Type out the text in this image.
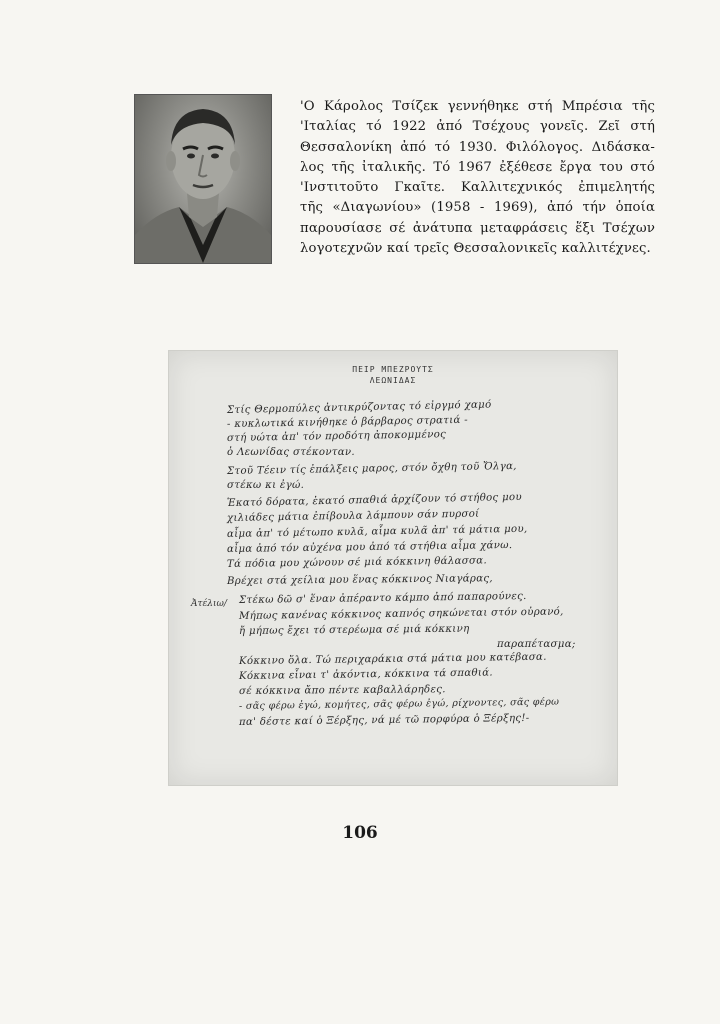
'Ο Κάρολος Τσίζεκ γεννήθηκε στή Μπρέσια τῆς
'Ιταλίας τό 1922 ἀπό Τσέχους γονεῖς. Ζεῖ στή
Θεσσαλονίκη ἀπό τό 1930. Φιλόλογος. Διδάσκα-
λος τῆς ἰταλικῆς. Τό 1967 ἐξέθεσε ἔργα του στό
'Ινστιτοῦτο Γκαῖτε. Καλλιτεχνικός ἐπιμελητής
τῆς «Διαγωνίου» (1958 - 1969), ἀπό τήν ὁποία
παρουσίασε σέ ἀνάτυπα μεταφράσεις ἕξι Τσέχων
λογοτεχνῶν καί τρεῖς Θεσσαλονικεῖς καλλιτέχνες.
ΠΕΙΡ ΜΠΕΖΡΟΥΤΣ
ΛΕΩΝΙΔΑΣ
Ἀτέλιω/
Στίς Θερμοπύλες ἀντικρύζοντας τό εἰργμό χαμό
- κυκλωτικά κινήθηκε ὁ βάρβαρος στρατιά -
στή υώτα ἀπ' τόν προδότη ἀποκομμένος
ὁ Λεωνίδας στέκονταν.
Στοῦ Τέειν τίς ἐπάλξεις μαρος, στόν ὄχθη τοῦ Ὄλγα,
στέκω κι ἐγώ.
Ἑκατό δόρατα, ἑκατό σπαθιά ἀρχίζουν τό στήθος μου
χιλιάδες μάτια ἐπίβουλα λάμπουν σάν πυρσοί
αἷμα ἀπ' τό μέτωπο κυλᾶ, αἷμα κυλᾶ ἀπ' τά μάτια μου,
αἷμα ἀπό τόν αὐχένα μου ἀπό τά στήθια αἷμα χάνω.
Τά πόδια μου χώνουν σέ μιά κόκκινη θάλασσα.
Βρέχει στά χείλια μου ἕνας κόκκινος Νιαγάρας,
Στέκω δῶ σ' ἕναν ἀπέραντο κάμπο ἀπό παπαρούνες.
Μήπως κανένας κόκκινος καπνός σηκώνεται στόν οὐρανό,
ἤ μήπως ἔχει τό στερέωμα σέ μιά κόκκινη
παραπέτασμα;
Κόκκινο ὅλα. Τώ περιχαράκια στά μάτια μου κατέβασα.
Κόκκινα εἶναι τ' ἀκόντια, κόκκινα τά σπαθιά.
σέ κόκκινα ἄπο πέντε καβαλλάρηδες.
- σᾶς φέρω ἐγώ, κομήτες, σᾶς φέρω ἐγώ, ρίχνοντες, σᾶς φέρω
πα' δέστε καί ὁ Ξέρξης, νά μέ τῶ πορφύρα ὁ Ξέρξης!-
106
